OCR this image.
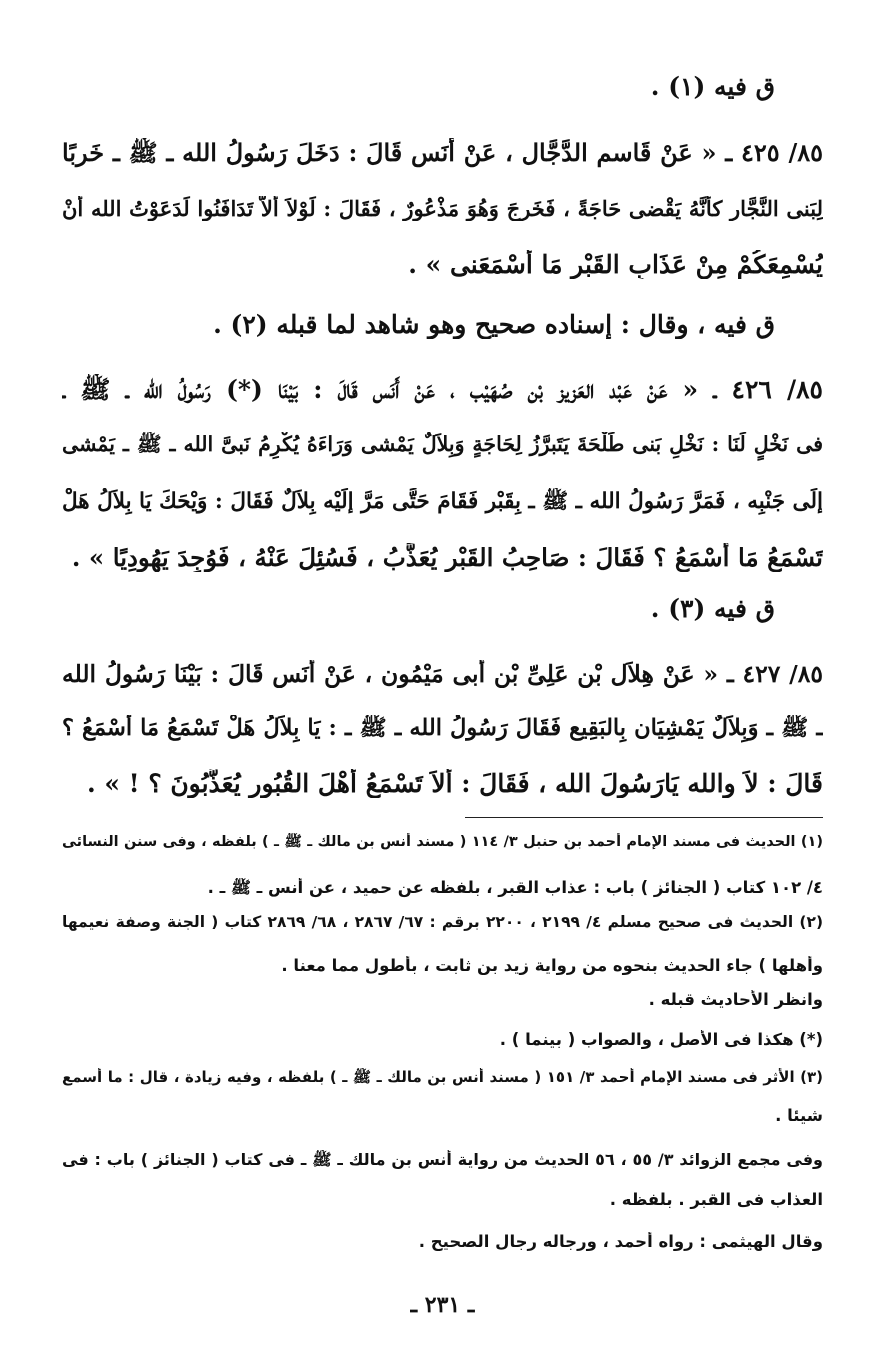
ق فيه (١) .
٨٥/ ٤٢٥ ـ « عَنْ قَاسم الدَّجَّال ، عَنْ أَنَس قَالَ : دَخَلَ رَسُولُ الله ـ ﷺ ـ خَربًا
لِبَنى النَّجَّار كأَنَّهُ يَقْضى حَاجَةً ، فَخَرجَ وَهُوَ مَذْعُورٌ ، فَقَالَ : لَوْلاَ أَلاَّ تَدَافَنُوا لَدَعَوْتُ الله أَنْ
يُسْمِعَكُمْ مِنْ عَذَابِ القَبْرِ مَا أَسْمَعَنى » .
ق فيه ، وقال : إسناده صحيح وهو شاهد لما قبله (٢) .
٨٥/ ٤٢٦ ـ « عَنْ عَبْد العَزيز بْن صُهَيْب ، عَنْ أَنَس قَالَ : بَيْنَا (*) رَسُولُ الله ـ ﷺ ـ
فى نَخْلٍ لَنَا : نَخْلِ بَنى طَلْحَةَ يَتَبرَّزُ لِحَاجَةٍ وَبِلاَلٌ يَمْشى وَرَاءَهُ يُكْرِمُ نَبىَّ الله ـ ﷺ ـ يَمْشى
إلَى جَنْبِه ، فَمَرَّ رَسُولُ الله ـ ﷺ ـ بِقَبْر فَقَامَ حَتَّى مَرَّ إلَيْه بِلاَلٌ فَقَالَ : وَيْحَكَ يَا بِلاَلُ هَلْ
تَسْمَعُ مَا أَسْمَعُ ؟ فَقَالَ : صَاحِبُ القَبْرِ يُعَذَّبُ ، فَسُئِلَ عَنْهُ ، فَوُجِدَ يَهُودِيًا » .
ق فيه (٣) .
٨٥/ ٤٢٧ ـ « عَنْ هِلاَل بْن عَلِىِّ بْن أَبى مَيْمُون ، عَنْ أَنَس قَالَ : بَيْنَا رَسُولُ الله
ـ ﷺ ـ وَبِلاَلٌ يَمْشِيَان بِالبَقِيع فَقَالَ رَسُولُ الله ـ ﷺ ـ : يَا بِلاَلُ هَلْ تَسْمَعُ مَا أَسْمَعُ ؟
قَالَ : لاَ والله يَارَسُولَ الله ، فَقَالَ : أَلاَ تَسْمَعُ أَهْلَ القُبُورِ يُعَذَّبُونَ ؟ ! » .
(١) الحديث فى مسند الإمام أحمد بن حنبل ٣/ ١١٤ ( مسند أنس بن مالك ـ ﷺ ـ ) بلفظه ، وفى سنن النسائى
٤/ ١٠٢ كتاب ( الجنائز ) باب : عذاب القبر ، بلفظه عن حميد ، عن أنس ـ ﷺ ـ .
(٢) الحديث فى صحيح مسلم ٤/ ٢١٩٩ ، ٢٢٠٠ برقم : ٦٧/ ٢٨٦٧ ، ٦٨/ ٢٨٦٩ كتاب ( الجنة وصفة نعيمها
وأهلها ) جاء الحديث بنحوه من رواية زيد بن ثابت ، بأطول مما معنا .
وانظر الأحاديث قبله .
(*) هكذا فى الأصل ، والصواب ( بينما ) .
(٣) الأثر فى مسند الإمام أحمد ٣/ ١٥١ ( مسند أنس بن مالك ـ ﷺ ـ ) بلفظه ، وفيه زيادة ، قال : ما أسمع
شيئا .
وفى مجمع الزوائد ٣/ ٥٥ ، ٥٦ الحديث من رواية أنس بن مالك ـ ﷺ ـ فى كتاب ( الجنائز ) باب : فى
العذاب فى القبر . بلفظه .
وقال الهيثمى : رواه أحمد ، ورجاله رجال الصحيح .
ـ ٢٣١ ـ
